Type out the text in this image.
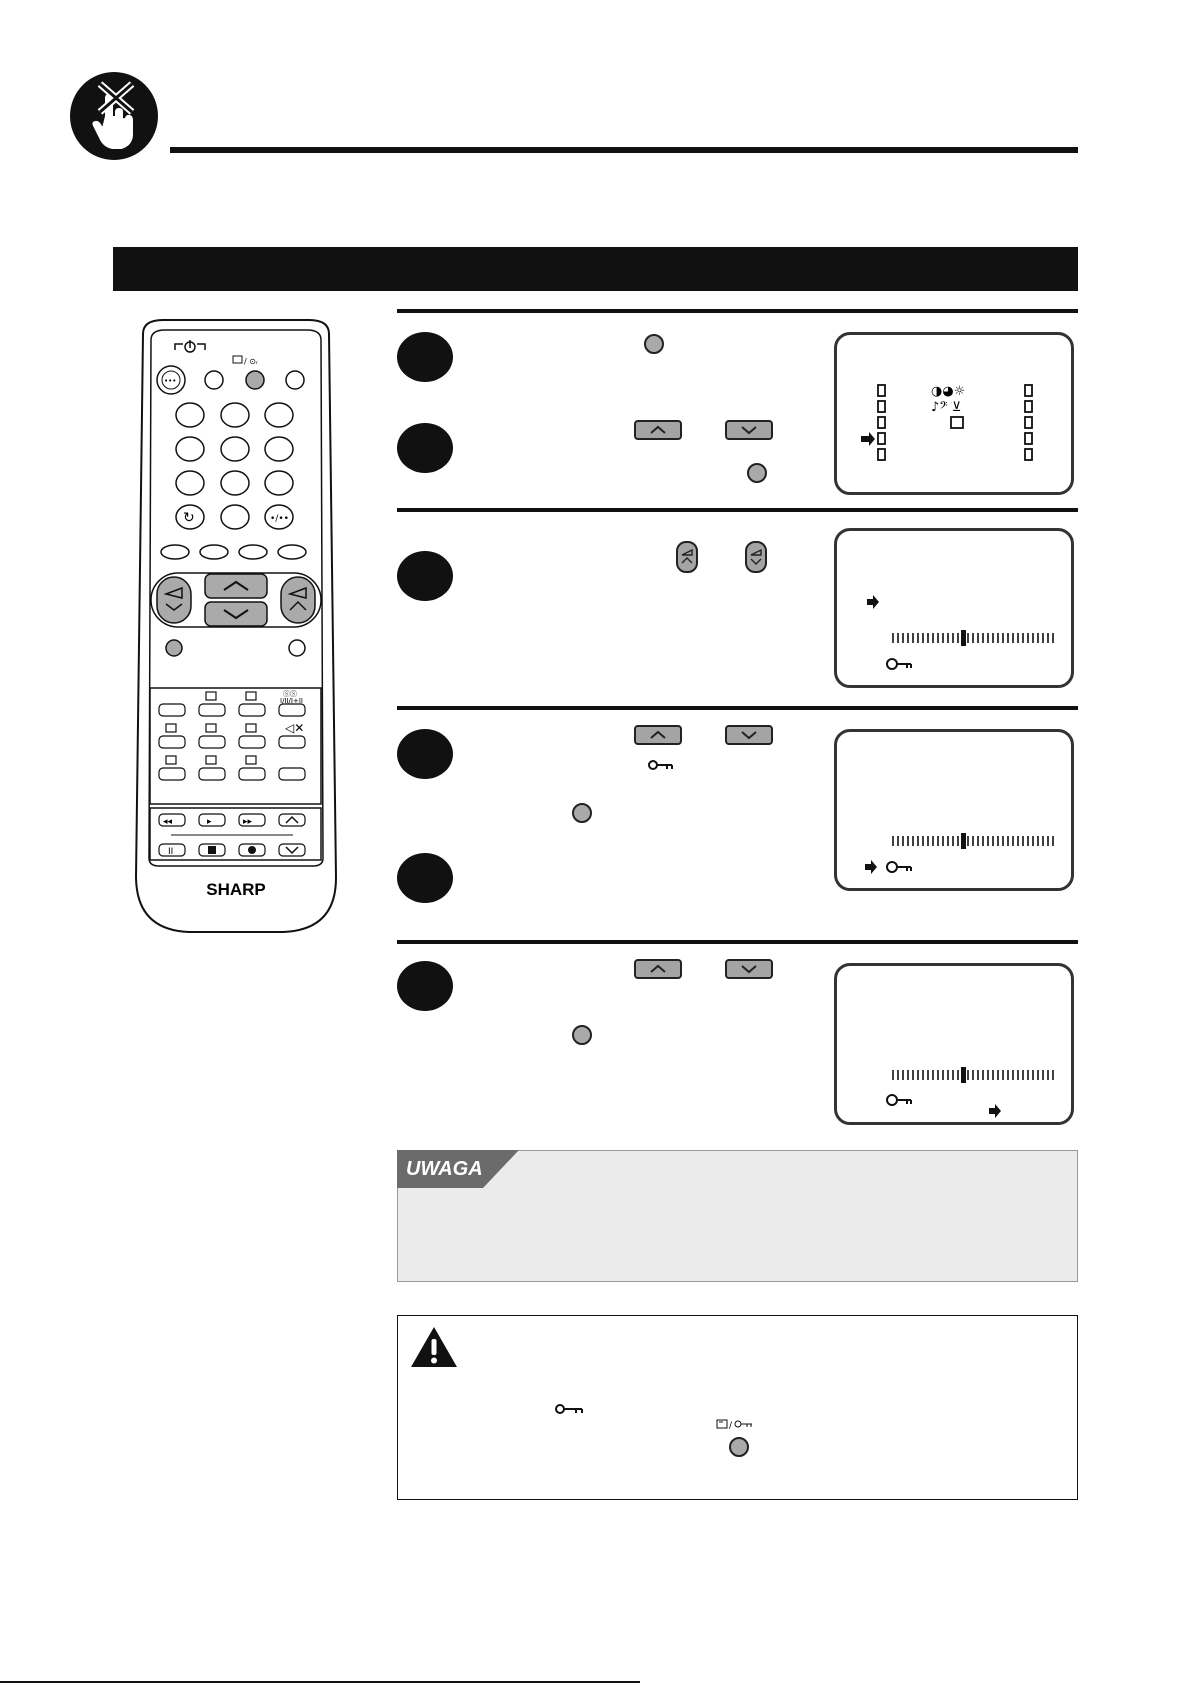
/ ⊙ᵣ
•••
↻	•/••
ⓈⓈ
I/II/I+II
◁✕
◂◂	▸	▸▸
II
SHARP
◑◕☼
♪𝄢 ⊻
UWAGA
/
